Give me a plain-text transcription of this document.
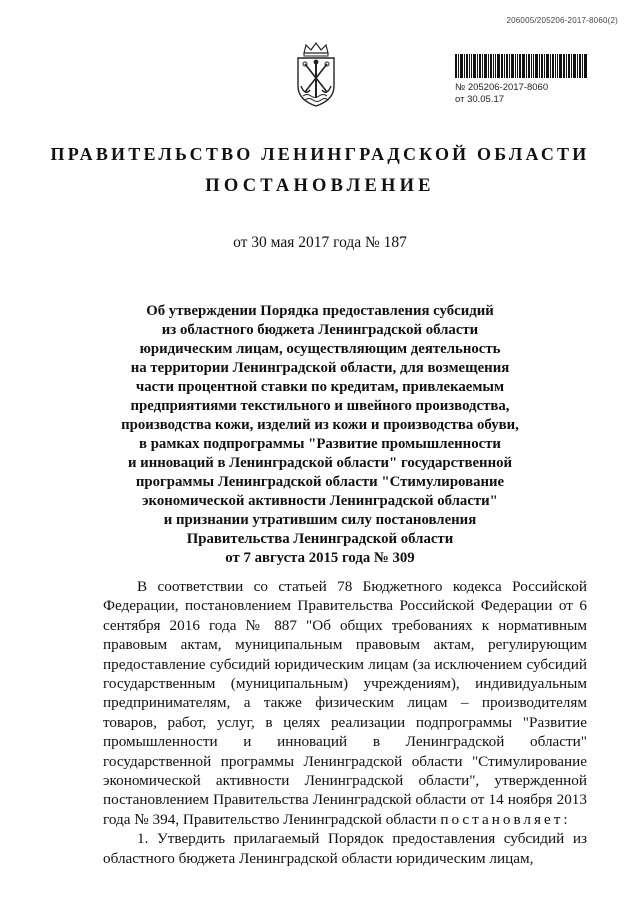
206005/205206-2017-8060(2)
№ 205206-2017-8060
от 30.05.17
ПРАВИТЕЛЬСТВО ЛЕНИНГРАДСКОЙ ОБЛАСТИ
ПОСТАНОВЛЕНИЕ
от 30 мая 2017 года № 187
Об утверждении Порядка предоставления субсидий
из областного бюджета Ленинградской области
юридическим лицам, осуществляющим деятельность
на территории Ленинградской области, для возмещения
части процентной ставки по кредитам, привлекаемым
предприятиями текстильного и швейного производства,
производства кожи, изделий из кожи и производства обуви,
в рамках подпрограммы "Развитие промышленности
и инноваций в Ленинградской области" государственной
программы Ленинградской области "Стимулирование
экономической активности Ленинградской области"
и признании утратившим силу постановления
Правительства Ленинградской области
от 7 августа 2015 года № 309

В соответствии со статьей 78 Бюджетного кодекса Российской Федерации, постановлением Правительства Российской Федерации от 6 сентября 2016 года № 887 "Об общих требованиях к нормативным правовым актам, муниципальным правовым актам, регулирующим предоставление субсидий юридическим лицам (за исключением субсидий государственным (муниципальным) учреждениям), индивидуальным предпринимателям, а также физическим лицам – производителям товаров, работ, услуг, в целях реализации подпрограммы "Развитие промышленности и инноваций в Ленинградской области" государственной программы Ленинградской области "Стимулирование экономической активности Ленинградской области", утвержденной постановлением Правительства Ленинградской области от 14 ноября 2013 года № 394, Правительство Ленинградской области постановляет:

1. Утвердить прилагаемый Порядок предоставления субсидий из областного бюджета Ленинградской области юридическим лицам,
